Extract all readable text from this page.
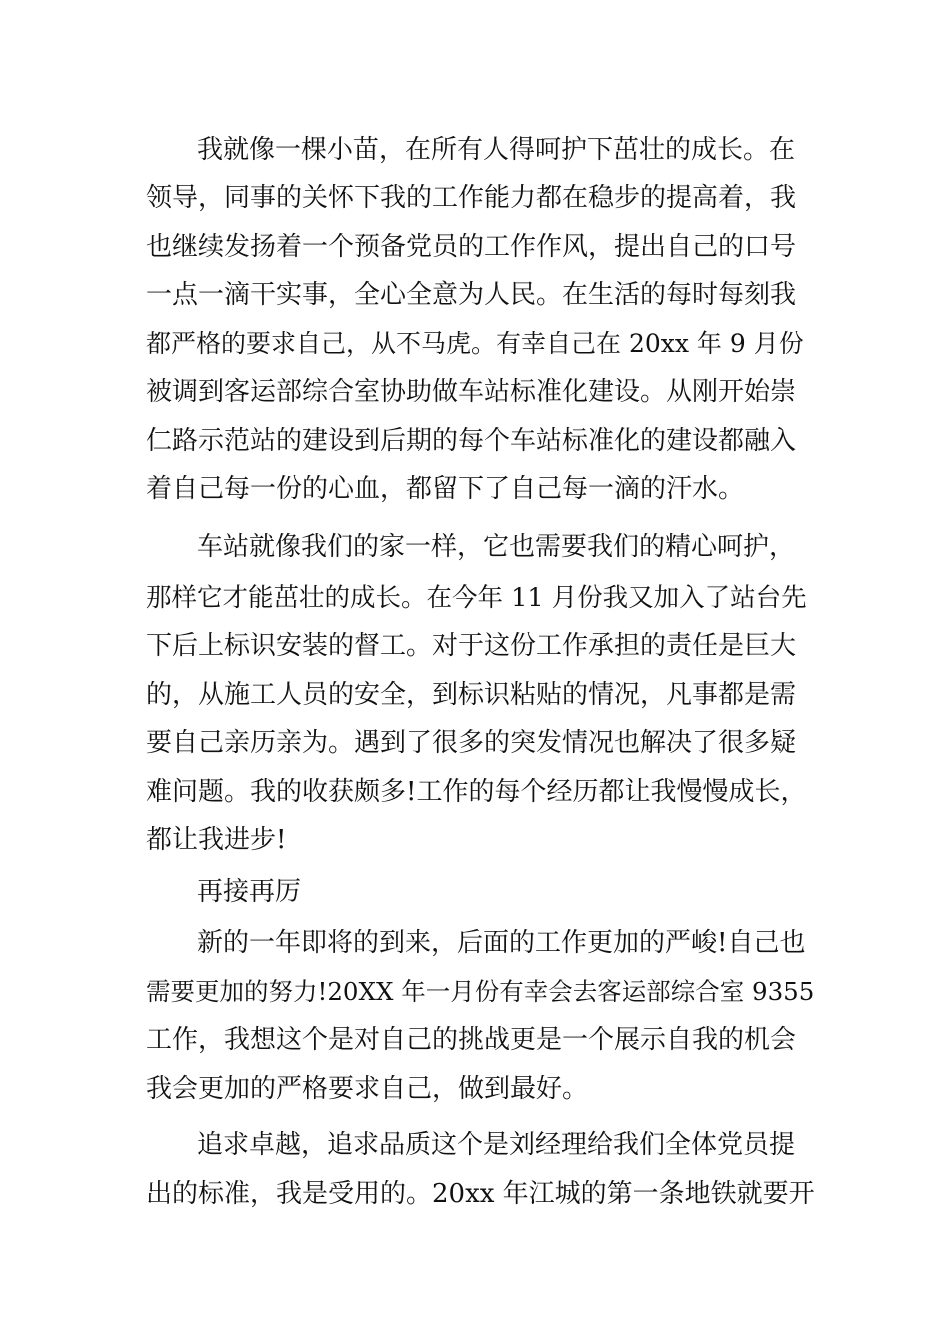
我就像一棵小苗，在所有人得呵护下茁壮的成长。在
领导，同事的关怀下我的工作能力都在稳步的提高着，我
也继续发扬着一个预备党员的工作作风，提出自己的口号
一点一滴干实事，全心全意为人民。在生活的每时每刻我
都严格的要求自己，从不马虎。有幸自己在 20xx 年 9 月份
被调到客运部综合室协助做车站标准化建设。从刚开始崇
仁路示范站的建设到后期的每个车站标准化的建设都融入
着自己每一份的心血，都留下了自己每一滴的汗水。
车站就像我们的家一样，它也需要我们的精心呵护，
那样它才能茁壮的成长。在今年 11 月份我又加入了站台先
下后上标识安装的督工。对于这份工作承担的责任是巨大
的，从施工人员的安全，到标识粘贴的情况，凡事都是需
要自己亲历亲为。遇到了很多的突发情况也解决了很多疑
难问题。我的收获颇多!工作的每个经历都让我慢慢成长，
都让我进步!
再接再厉
新的一年即将的到来，后面的工作更加的严峻!自己也
需要更加的努力!20XX 年一月份有幸会去客运部综合室 9355
工作，我想这个是对自己的挑战更是一个展示自我的机会
我会更加的严格要求自己，做到最好。
追求卓越，追求品质这个是刘经理给我们全体党员提
出的标准，我是受用的。20xx 年江城的第一条地铁就要开
